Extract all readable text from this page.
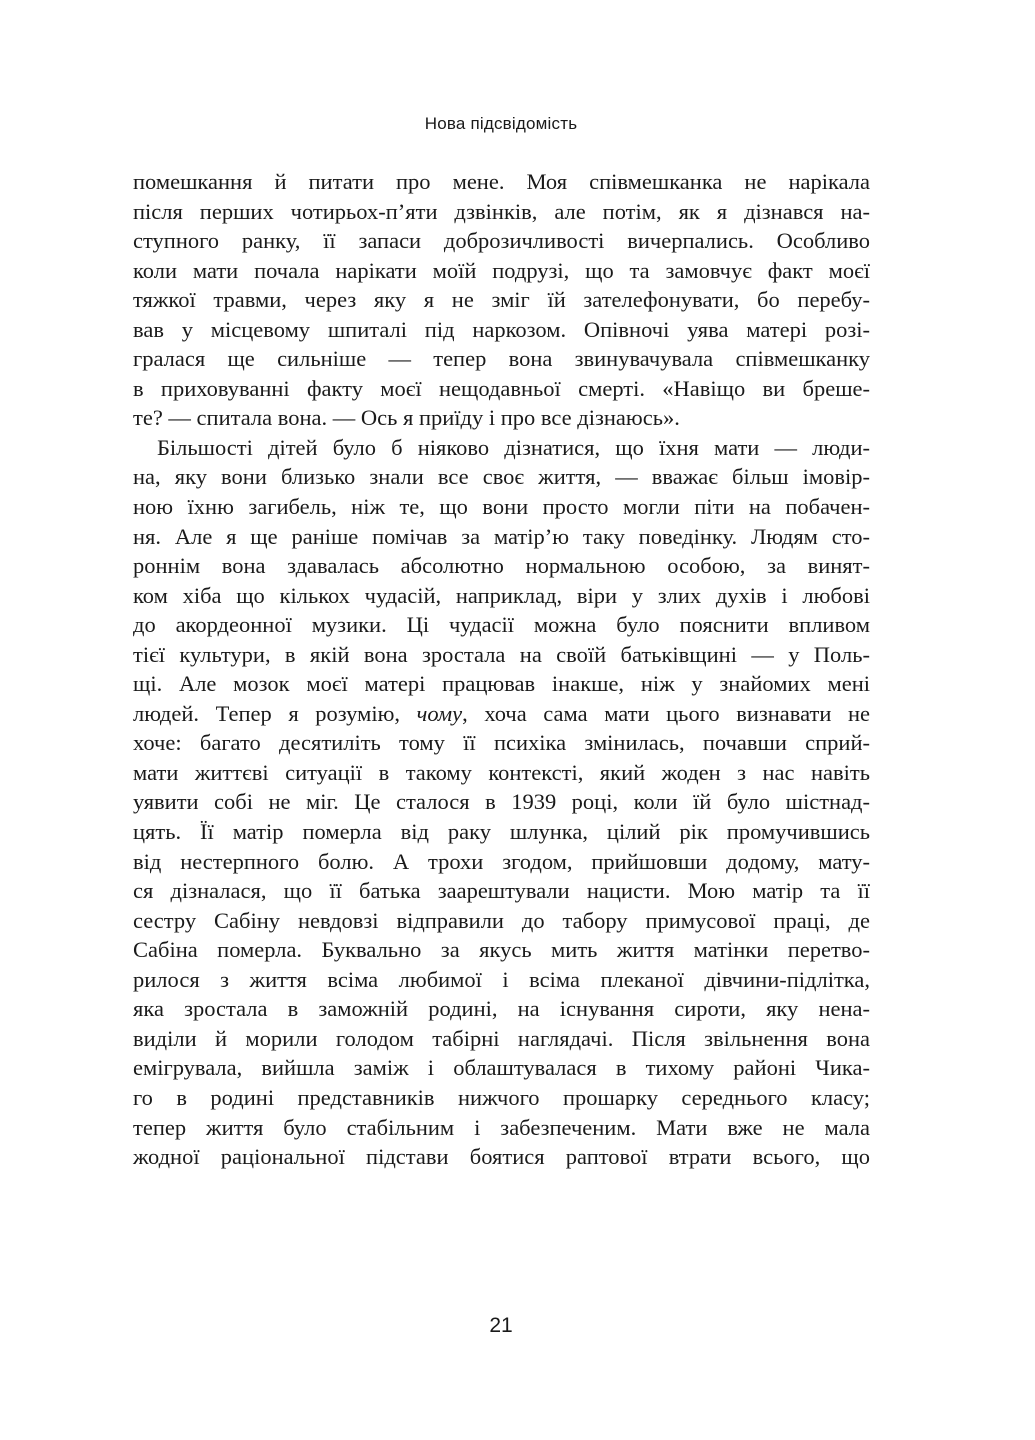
Нова підсвідомість
помешкання й питати про мене. Моя співмешканка не нарікала
після перших чотирьох-п’яти дзвінків, але потім, як я дізнався на-
ступного ранку, її запаси доброзичливості вичерпались. Особливо
коли мати почала нарікати моїй подрузі, що та замовчує факт моєї
тяжкої травми, через яку я не зміг їй зателефонувати, бо перебу-
вав у місцевому шпиталі під наркозом. Опівночі уява матері розі-
гралася ще сильніше — тепер вона звинувачувала співмешканку
в приховуванні факту моєї нещодавньої смерті. «Навіщо ви бреше-
те? — спитала вона. — Ось я приїду і про все дізнаюсь».
Більшості дітей було б ніяково дізнатися, що їхня мати — люди-
на, яку вони близько знали все своє життя, — вважає більш імовір-
ною їхню загибель, ніж те, що вони просто могли піти на побачен-
ня. Але я ще раніше помічав за матір’ю таку поведінку. Людям сто-
роннім вона здавалась абсолютно нормальною особою, за винят-
ком хіба що кількох чудасій, наприклад, віри у злих духів і любові
до акордеонної музики. Ці чудасії можна було пояснити впливом
тієї культури, в якій вона зростала на своїй батьківщині — у Поль-
щі. Але мозок моєї матері працював інакше, ніж у знайомих мені
людей. Тепер я розумію, чому, хоча сама мати цього визнавати не
хоче: багато десятиліть тому її психіка змінилась, почавши сприй-
мати життєві ситуації в такому контексті, який жоден з нас навіть
уявити собі не міг. Це сталося в 1939 році, коли їй було шістнад-
цять. Її матір померла від раку шлунка, цілий рік промучившись
від нестерпного болю. А трохи згодом, прийшовши додому, мату-
ся дізналася, що її батька заарештували нацисти. Мою матір та її
сестру Сабіну невдовзі відправили до табору примусової праці, де
Сабіна померла. Буквально за якусь мить життя матінки перетво-
рилося з життя всіма любимої і всіма плеканої дівчини-підлітка,
яка зростала в заможній родині, на існування сироти, яку нена-
виділи й морили голодом табірні наглядачі. Після звільнення вона
емігрувала, вийшла заміж і облаштувалася в тихому районі Чика-
го в родині представників нижчого прошарку середнього класу;
тепер життя було стабільним і забезпеченим. Мати вже не мала
жодної раціональної підстави боятися раптової втрати всього, що
21
